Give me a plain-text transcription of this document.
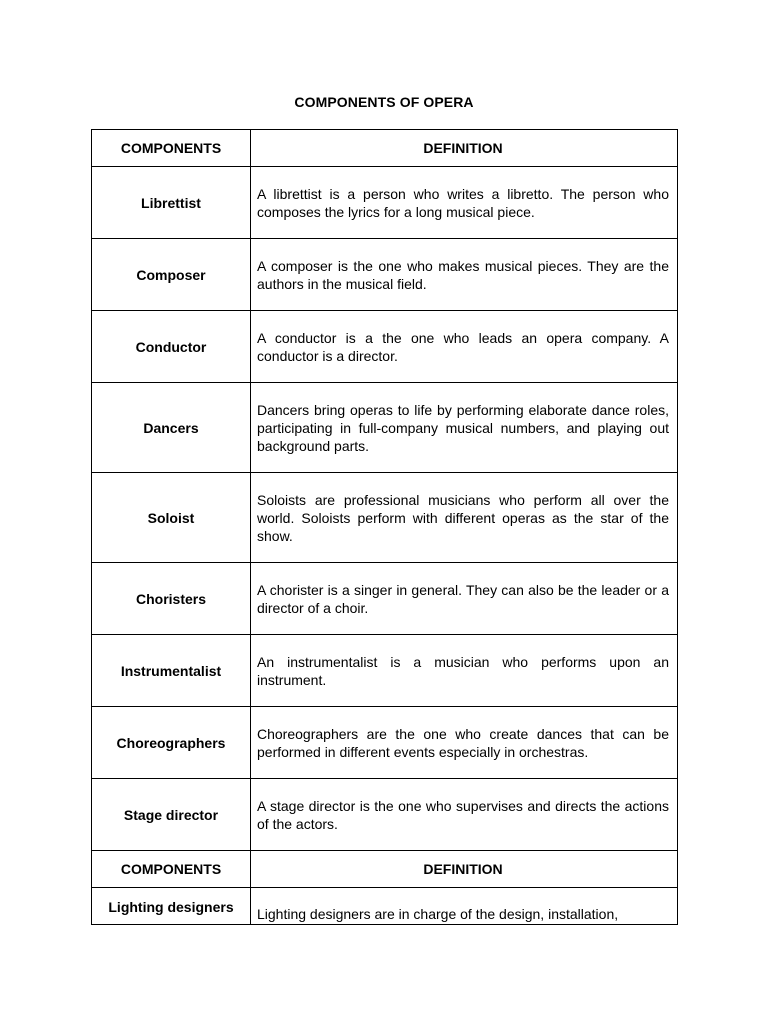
COMPONENTS OF OPERA
COMPONENTS	DEFINITION
Librettist	A librettist is a person who writes a libretto. The person who composes the lyrics for a long musical piece.
Composer	A composer is the one who makes musical pieces. They are the authors in the musical field.
Conductor	A conductor is a the one who leads an opera company. A conductor is a director.
Dancers	Dancers bring operas to life by performing elaborate dance roles, participating in full-company musical numbers, and playing out background parts.
Soloist	Soloists are professional musicians who perform all over the world. Soloists perform with different operas as the star of the show.
Choristers	A chorister is a singer in general. They can also be the leader or a director of a choir.
Instrumentalist	An instrumentalist is a musician who performs upon an instrument.
Choreographers	Choreographers are the one who create dances that can be performed in different events especially in orchestras.
Stage director	A stage director is the one who supervises and directs the actions of the actors.
COMPONENTS	DEFINITION
Lighting designers	Lighting designers are in charge of the design, installation,
